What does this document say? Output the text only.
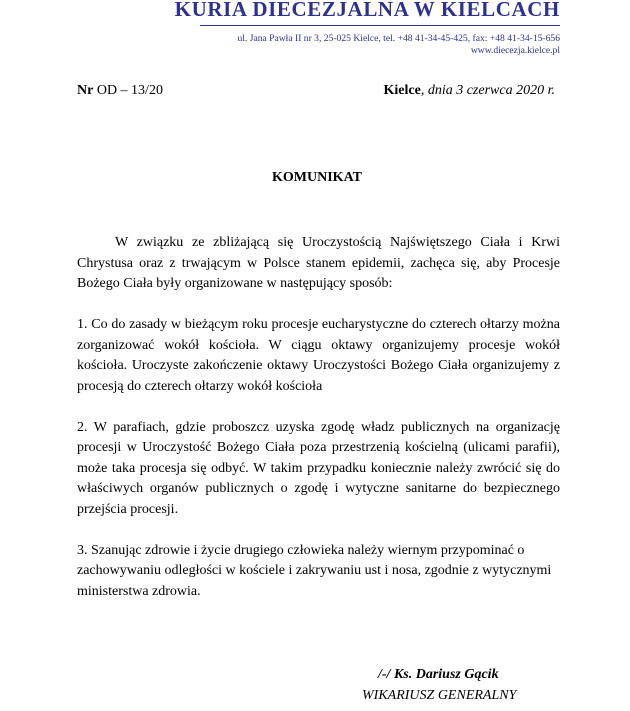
KURIA DIECEZJALNA W KIELCACH
ul. Jana Pawła II nr 3, 25-025 Kielce, tel. +48 41-34-45-425, fax: +48 41-34-15-656
www.diecezja.kielce.pl
Nr OD – 13/20	Kielce, dnia 3 czerwca 2020 r.
KOMUNIKAT

W związku ze zbliżającą się Uroczystością Najświętszego Ciała i Krwi Chrystusa oraz z trwającym w Polsce stanem epidemii, zachęca się, aby Procesje Bożego Ciała były organizowane w następujący sposób:

1. Co do zasady w bieżącym roku procesje eucharystyczne do czterech ołtarzy można zorganizować wokół kościoła. W ciągu oktawy organizujemy procesje wokół kościoła. Uroczyste zakończenie oktawy Uroczystości Bożego Ciała organizujemy z procesją do czterech ołtarzy wokół kościoła

2. W parafiach, gdzie proboszcz uzyska zgodę władz publicznych na organizację procesji w Uroczystość Bożego Ciała poza przestrzenią kościelną (ulicami parafii), może taka procesja się odbyć. W takim przypadku koniecznie należy zwrócić się do właściwych organów publicznych o zgodę i wytyczne sanitarne do bezpiecznego przejścia procesji.

3. Szanując zdrowie i życie drugiego człowieka należy wiernym przypominać o zachowywaniu odległości w kościele i zakrywaniu ust i nosa, zgodnie z wytycznymi ministerstwa zdrowia.

/-/ Ks. Dariusz Gącik
WIKARIUSZ GENERALNY
